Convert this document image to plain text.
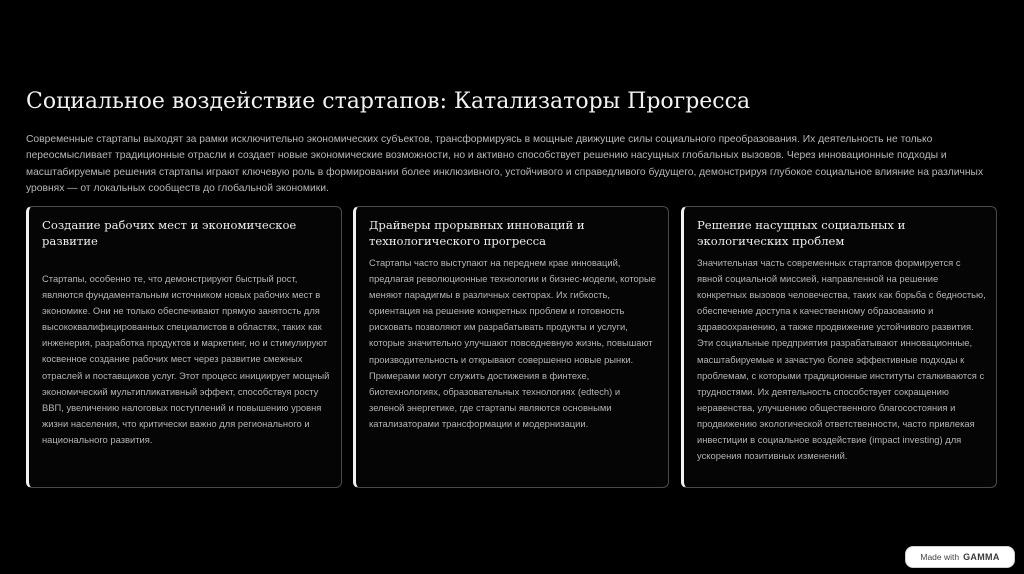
Социальное воздействие стартапов: Катализаторы Прогресса

Современные стартапы выходят за рамки исключительно экономических субъектов, трансформируясь в мощные движущие силы социального преобразования. Их деятельность не только переосмысливает традиционные отрасли и создает новые экономические возможности, но и активно способствует решению насущных глобальных вызовов. Через инновационные подходы и масштабируемые решения стартапы играют ключевую роль в формировании более инклюзивного, устойчивого и справедливого будущего, демонстрируя глубокое социальное влияние на различных уровнях — от локальных сообществ до глобальной экономики.

Создание рабочих мест и экономическое развитие

Стартапы, особенно те, что демонстрируют быстрый рост, являются фундаментальным источником новых рабочих мест в экономике. Они не только обеспечивают прямую занятость для высококвалифицированных специалистов в областях, таких как инженерия, разработка продуктов и маркетинг, но и стимулируют косвенное создание рабочих мест через развитие смежных отраслей и поставщиков услуг. Этот процесс инициирует мощный экономический мультипликативный эффект, способствуя росту ВВП, увеличению налоговых поступлений и повышению уровня жизни населения, что критически важно для регионального и национального развития.

Драйверы прорывных инноваций и технологического прогресса

Стартапы часто выступают на переднем крае инноваций, предлагая революционные технологии и бизнес-модели, которые меняют парадигмы в различных секторах. Их гибкость, ориентация на решение конкретных проблем и готовность рисковать позволяют им разрабатывать продукты и услуги, которые значительно улучшают повседневную жизнь, повышают производительность и открывают совершенно новые рынки. Примерами могут служить достижения в финтехе, биотехнологиях, образовательных технологиях (edtech) и зеленой энергетике, где стартапы являются основными катализаторами трансформации и модернизации.

Решение насущных социальных и экологических проблем

Значительная часть современных стартапов формируется с явной социальной миссией, направленной на решение конкретных вызовов человечества, таких как борьба с бедностью, обеспечение доступа к качественному образованию и здравоохранению, а также продвижение устойчивого развития. Эти социальные предприятия разрабатывают инновационные, масштабируемые и зачастую более эффективные подходы к проблемам, с которыми традиционные институты сталкиваются с трудностями. Их деятельность способствует сокращению неравенства, улучшению общественного благосостояния и продвижению экологической ответственности, часто привлекая инвестиции в социальное воздействие (impact investing) для ускорения позитивных изменений.

Made with GAMMA
